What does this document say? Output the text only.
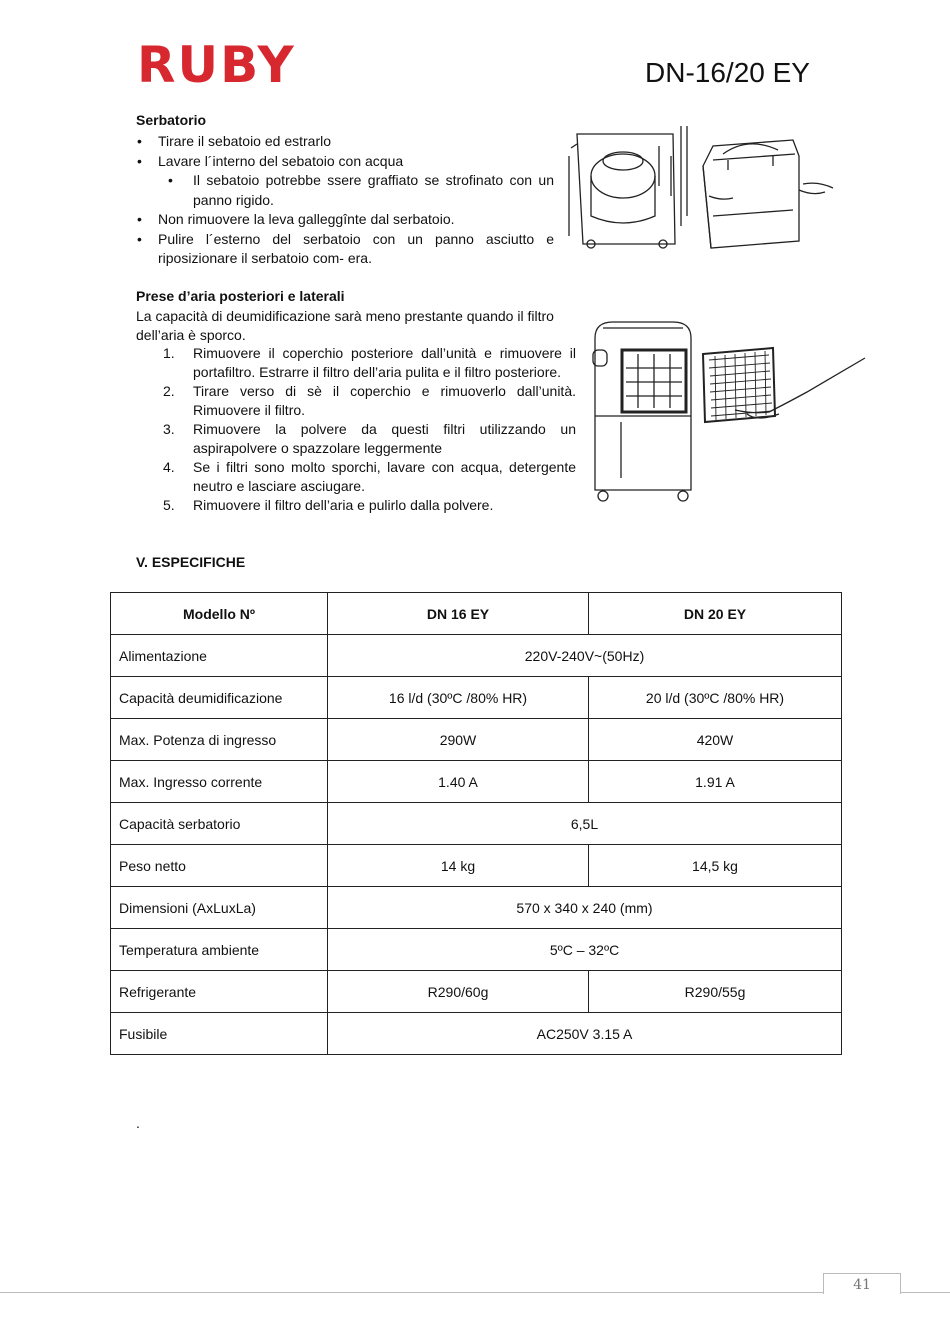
RUBY	DN-16/20 EY
Serbatorio
• Tirare il sebatoio ed estrarlo
• Lavare l´interno del sebatoio con acqua
• Il sebatoio potrebbe ssere graffiato se strofinato con un panno rigido.
• Non rimuovere la leva galleggînte dal serbatoio.
• Pulire l´esterno del serbatoio con un panno asciutto e riposizionare il serbatoio com- era.
Prese d’aria posteriori e laterali
La capacità di deumidificazione sarà meno prestante quando il filtro dell’aria è sporco.
1. Rimuovere il coperchio posteriore dall’unità e rimuovere il portafiltro. Estrarre il filtro dell’aria pulita e il filtro posteriore.
2. Tirare verso di sè il coperchio e rimuoverlo dall’unità. Rimuovere il filtro.
3. Rimuovere la polvere da questi filtri utilizzando un aspirapolvere o spazzolare leggermente
4. Se i filtri sono molto sporchi, lavare con acqua, detergente neutro e lasciare asciugare.
5. Rimuovere il filtro dell’aria e pulirlo dalla polvere.
V. ESPECIFICHE
Modello Nº	DN 16 EY	DN 20 EY
Alimentazione	220V-240V~(50Hz)	
Capacità deumidificazione	16 l/d (30ºC /80% HR)	20 l/d (30ºC /80% HR)
Max. Potenza di ingresso	290W	420W
Max. Ingresso corrente	1.40 A	1.91 A
Capacità serbatorio	6,5L	
Peso netto	14 kg	14,5 kg
Dimensioni (AxLuxLa)	570 x 340 x 240 (mm)	
Temperatura ambiente	5ºC – 32ºC	
Refrigerante	R290/60g	R290/55g
Fusibile	AC250V 3.15 A	
.
41
